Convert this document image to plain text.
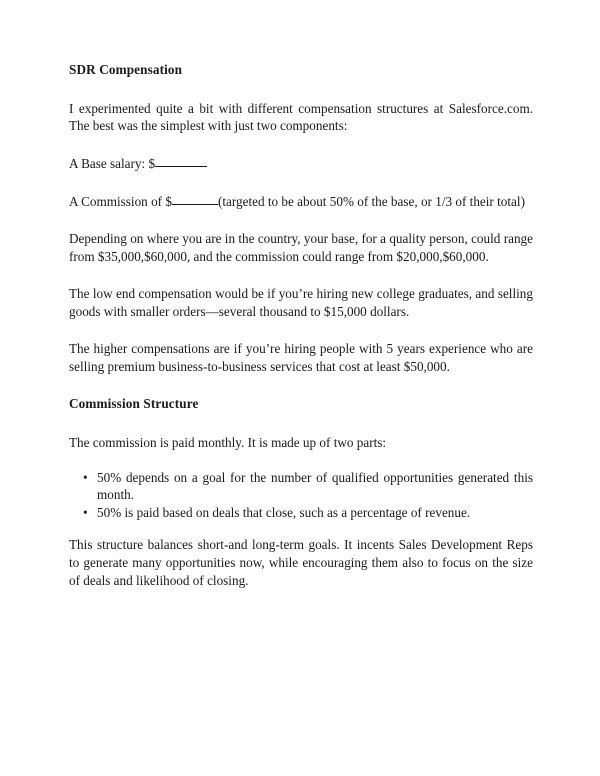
SDR Compensation

I experimented quite a bit with different compensation structures at Salesforce.com. The best was the simplest with just two components:

A Base salary: $

A Commission of $	(targeted to be about 50% of the base, or 1/3 of their total)

Depending on where you are in the country, your base, for a quality person, could range from $35,000,$60,000, and the commission could range from $20,000,$60,000.

The low end compensation would be if you’re hiring new college graduates, and selling goods with smaller orders—several thousand to $15,000 dollars.

The higher compensations are if you’re hiring people with 5 years experience who are selling premium business-to-business services that cost at least $50,000.

Commission Structure

The commission is paid monthly. It is made up of two parts:

• 50% depends on a goal for the number of qualified opportunities generated this month.
• 50% is paid based on deals that close, such as a percentage of revenue.

This structure balances short-and long-term goals. It incents Sales Development Reps to generate many opportunities now, while encouraging them also to focus on the size of deals and likelihood of closing.
